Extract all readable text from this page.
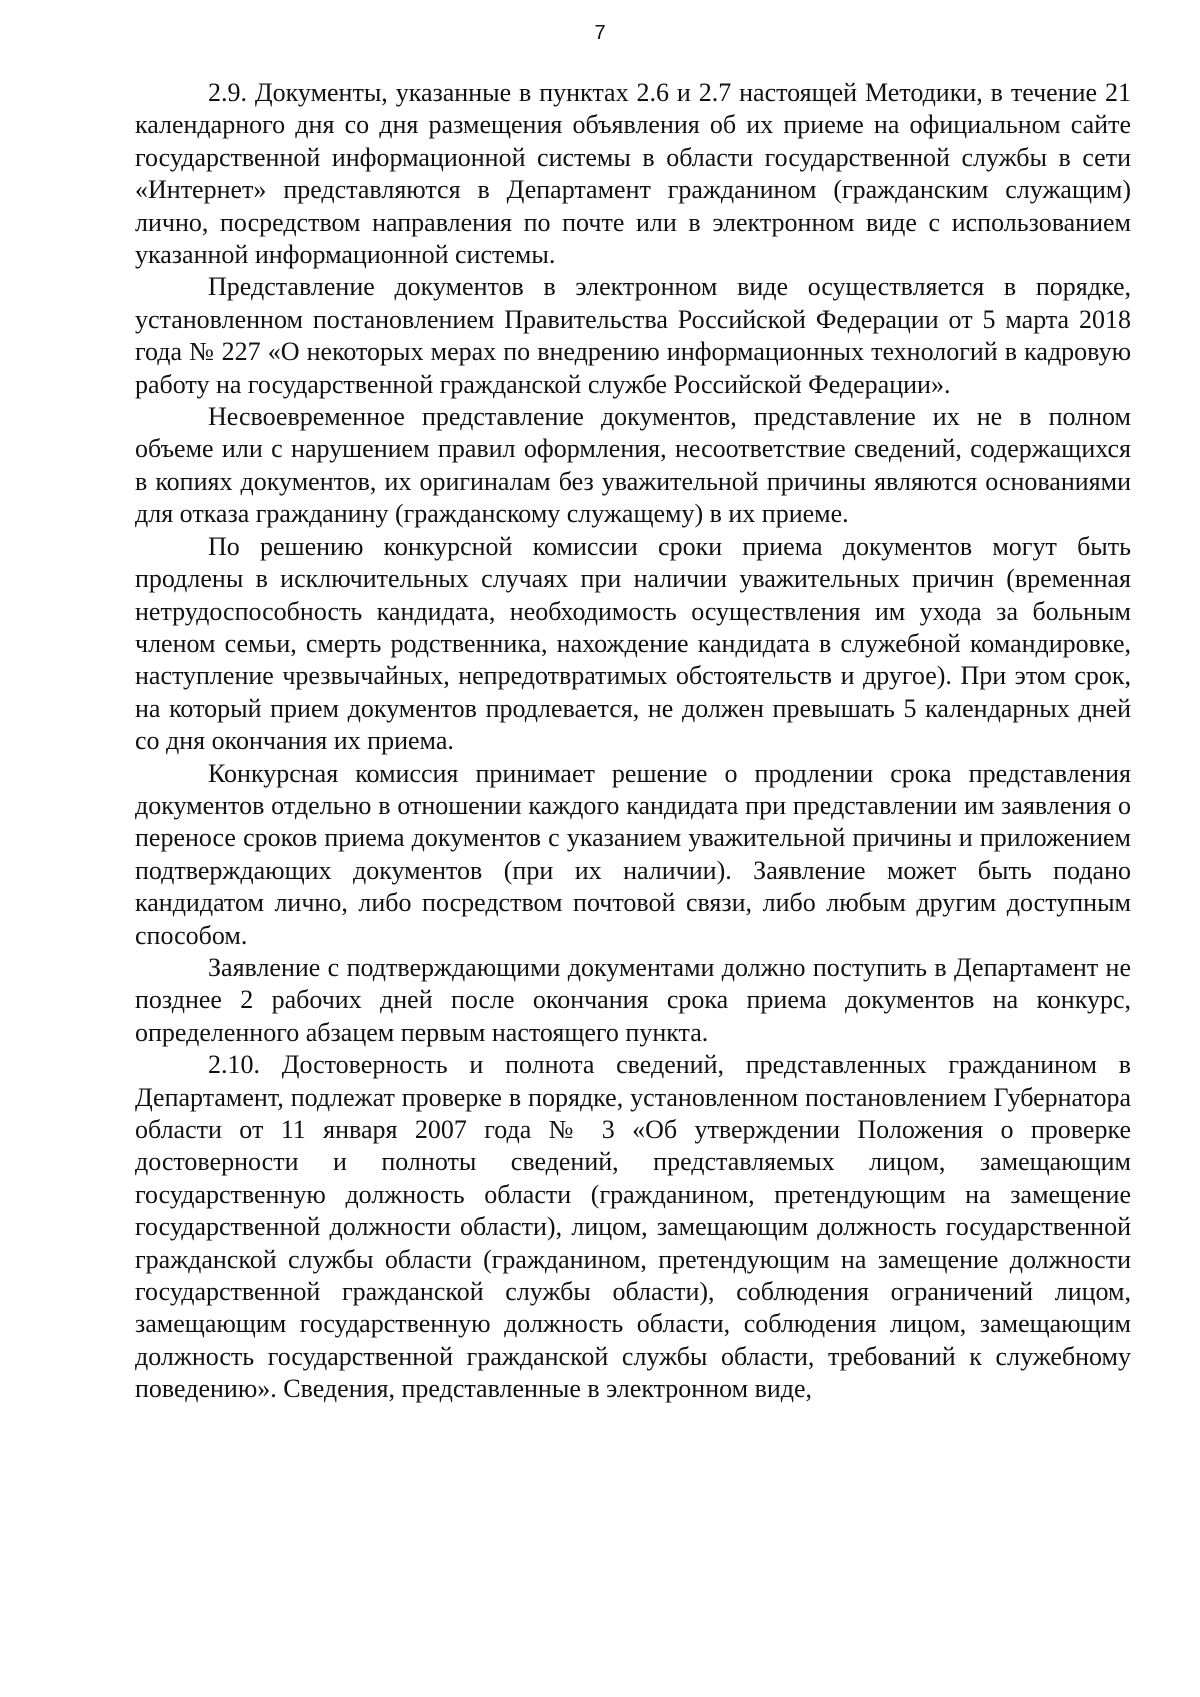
7

2.9. Документы, указанные в пунктах 2.6 и 2.7 настоящей Методики, в течение 21 календарного дня со дня размещения объявления об их приеме на официальном сайте государственной информационной системы в области государственной службы в сети «Интернет» представляются в Департамент гражданином (гражданским служащим) лично, посредством направления по почте или в электронном виде с использованием указанной информационной системы.

Представление документов в электронном виде осуществляется в порядке, установленном постановлением Правительства Российской Федерации от 5 марта 2018 года № 227 «О некоторых мерах по внедрению информационных технологий в кадровую работу на государственной гражданской службе Российской Федерации».

Несвоевременное представление документов, представление их не в полном объеме или с нарушением правил оформления, несоответствие сведений, содержащихся в копиях документов, их оригиналам без уважительной причины являются основаниями для отказа гражданину (гражданскому служащему) в их приеме.

По решению конкурсной комиссии сроки приема документов могут быть продлены в исключительных случаях при наличии уважительных причин (временная нетрудоспособность кандидата, необходимость осуществления им ухода за больным членом семьи, смерть родственника, нахождение кандидата в служебной командировке, наступление чрезвычайных, непредотвратимых обстоятельств и другое). При этом срок, на который прием документов продлевается, не должен превышать 5 календарных дней со дня окончания их приема.

Конкурсная комиссия принимает решение о продлении срока представления документов отдельно в отношении каждого кандидата при представлении им заявления о переносе сроков приема документов с указанием уважительной причины и приложением подтверждающих документов (при их наличии). Заявление может быть подано кандидатом лично, либо посредством почтовой связи, либо любым другим доступным способом.

Заявление с подтверждающими документами должно поступить в Департамент не позднее 2 рабочих дней после окончания срока приема документов на конкурс, определенного абзацем первым настоящего пункта.

2.10. Достоверность и полнота сведений, представленных гражданином в Департамент, подлежат проверке в порядке, установленном постановлением Губернатора области от 11 января 2007 года № 3 «Об утверждении Положения о проверке достоверности и полноты сведений, представляемых лицом, замещающим государственную должность области (гражданином, претендующим на замещение государственной должности области), лицом, замещающим должность государственной гражданской службы области (гражданином, претендующим на замещение должности государственной гражданской службы области), соблюдения ограничений лицом, замещающим государственную должность области, соблюдения лицом, замещающим должность государственной гражданской службы области, требований к служебному поведению». Сведения, представленные в электронном виде,
